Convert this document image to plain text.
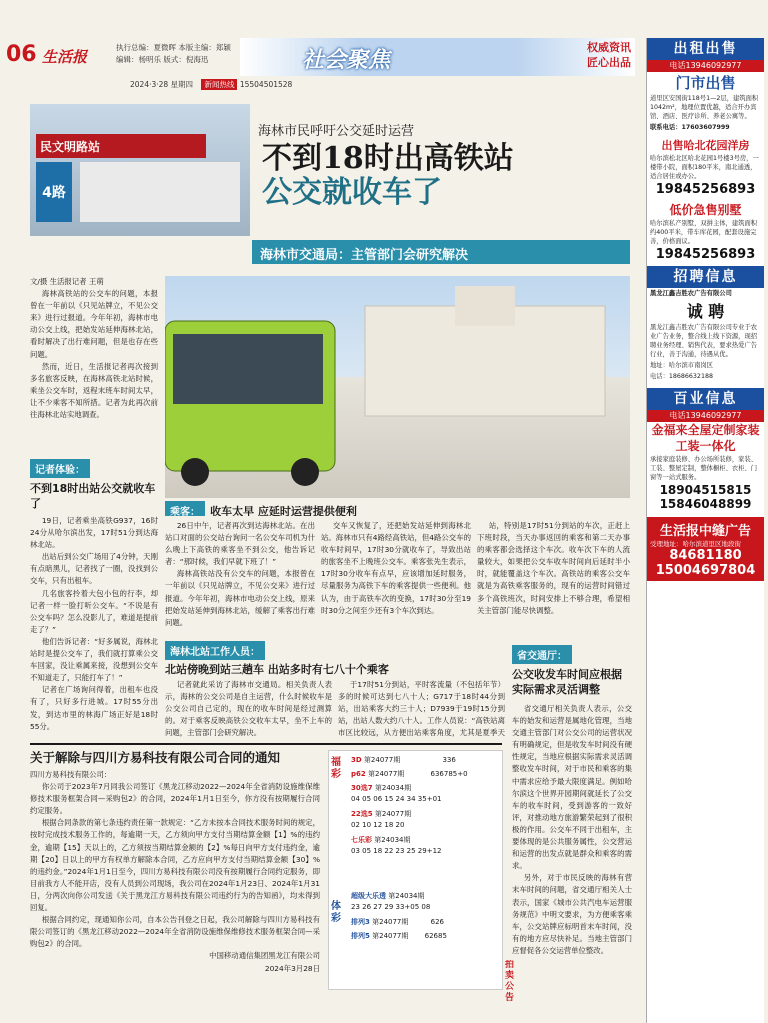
06 生活报
执行总编：夏微晖 本版主编：郑颖
编辑：杨明乐 版式：倪海迅	社会聚焦
权威资讯
匠心出品
2024·3·28 星期四 新闻热线 15504501528
民文明路站
4路
海林市民呼吁公交延时运营
不到18时出高铁站
公交就收车了
海林市交通局：主管部门会研究解决
文/摄 生活报记者 王萌
海林高铁站的公交车的问题，本报曾在一年前以《只见站牌立，不见公交来》进行过报道。今年年初，海林市电动公交上线，把始发站延伸海林北站，看时解决了出行难问题，但是也存在些问题。
然而，近日，生活报记者再次接到多名旅客反映，在海林高铁北站时候，乘坐公交车时，返程末班车时间太早，让不少乘客不知所措。记者为此再次前往海林北站实地调查。
记者体验：
不到18时出站公交就收车了
19日，记者乘坐高铁G937，16时24分从哈尔滨出发，17时51分到达海林北站。
出站后到公交广场用了4分钟，天刚有点暗黑儿，记者找了一圈，没找到公交车，只有出租车。
几名旅客拎着大包小包的行李，却记者一样一脸打听公交车。“不说是有公交车吗？怎么没影儿了，难道是提前走了？”
他们告诉记者：“好多属说，海林北站时是提公交车了，我们就打算乘公交车回家，没让乘属来接，没想到公交车不知道走了，只能打车了！”
记者在广场询问得着，出租车也没有了，只好多行进城。17时55分出发，到达市里的林海广场正好是18时55分。
乘客： 收车太早 应延时运营提供便利
26日中午，记者再次到达海林北站。在出站口对面的公交站台询问一名公交车司机为什么晚上下高铁的乘客坐不到公交，他告诉记者：“那时候，我们早就下班了！”
海林高铁站没有公交车的问题，本报曾在一年前以《只见站牌立，不见公交来》进行过报道。今年年初，海林市电动公交上线，原来把始发站延伸到海林北站，缓解了乘客出行难问题。
交车又恢复了，还把始发站延伸到海林北站。海林市只有4路经高铁站，但4路公交车的收车时间早，17时30分就收车了，导致出站的旅客坐不上晚班公交车。乘客张先生表示，17时30分收车有点早，应该增加延时服务，尽量服务为高铁下车的乘客提供一些便利。他认为，由于高铁车次的变换，17时30分至19时30分之间至少还有3个车次到达。
站，特别是17时51分到站的车次，正赶上下班时段，当天办事返回的乘客和第二天办事的乘客都会选择这个车次。收车次下车的人流量较大，如果把公交车收车时间向后延时半小时，就能覆盖这个车次。高铁站的乘客公交车就是为高铁乘客服务的，现有的运营时间错过多个高铁班次，时间安排上不够合理，希望相关主管部门能尽快调整。
海林北站工作人员：
北站傍晚到站三趟车 出站多时有七八十个乘客
记者就此采访了海林市交通局。相关负责人表示，海林的公交公司是自主运营，什么时候收车是公交公司自己定的，现在的收车时间是经过测算的。对于乘客反映高铁公交收车太早，坐不上车的问题，主管部门会研究解决。
于17时51分到站，平时客流量（不包括年节）多的时候可达到七八十人；G717于18时44分到站，出站乘客大约三十人；D7939于19时15分到站，出站人数大约八十人。工作人员说：“高铁站离市区比较远，从方便出站乘客角度，尤其是夏季天
省交通厅：
公交收发车时间应根据实际需求灵活调整
省交通厅相关负责人表示，公交车的始发和运营是属地化管理，当地交通主管部门对公交公司的运营状况有明确规定，但是收发车时间没有硬性规定，当地应根据实际需求灵活调整收发车时间，对于市民和乘客的集中需求应给予最大限度满足。例如哈尔滨这个世界开园期间就延长了公交车的收车时间，受到游客的一致好评，对推动地方旅游繁荣起到了很积极的作用。公交车不同于出租车，主要体现的是公共服务属性，公交营运和运营的出发点就是群众和乘客的需求。
另外，对于市民反映的海林有营末车时间的问题，省交通厅相关人士表示，国家《城市公共汽电车运营服务规范》中明文要求，为方便乘客乘车，公交站牌应标明首末车时间，没有的地方应尽快补足。当地主管部门应督促各公交运营单位整改。
关于解除与四川方易科技有限公司合同的通知
四川方易科技有限公司：
你公司于2023年7月同我公司签订《黑龙江移动2022—2024年全省消防设施维保维修技术服务框架合同—采购包2》的合同，2024年1月1日至今，你方没有按期履行合同约定服务。
根据合同条款的第七条违约责任第一款规定：“乙方未按本合同技术服务时间的规定，按时完成技术服务工作的，每逾期一天，乙方须向甲方支付当期结算金额【1】%的违约金，逾期【15】天以上的，乙方须按当期结算金额的【2】%每日向甲方支付违约金，逾期【20】日以上的甲方有权单方解除本合同，乙方应向甲方支付当期结算金额【30】%的违约金。”2024年1月1日至今，四川方易科技有限公司没有按期履行合同约定服务，即目前我方人不能开店，没有人员到公司现场，我公司在2024年1月23日、2024年1月31日，分两次向你公司发送《关于黑龙江方易科技有限公司违约行为的告知函》，均未得到回复。
根据合同约定，现通知你公司，自本公告刊登之日起，我公司解除与四川方易科技有限公司签订的《黑龙江移动2022—2024年全省消防设施维保维修技术服务框架合同—采购包2》的合同。
中国移动通信集团黑龙江有限公司
2024年3月28日
福彩
体彩
3D 第24077期	336
p62 第24077期	636785+0
30选7 第24034期
04 05 06 15 24 34 35+01
22选5 第24077期
02 10 12 18 20
七乐彩 第24034期
03 05 18 22 23 25 29+12
超级大乐透 第24034期
23 26 27 29 33+05 08
排列3 第24077期	626
排列5 第24077期 62685
拍卖公告
出租出售
电话13946092977
门市出售
道里区安国街118号1—2层，建筑面积1042m²，地理位置优越，适合开办宾馆、酒店、医疗诊所、养老公寓等。
联系电话：17603607999
出售哈北花园洋房
哈尔滨松北区哈北花园1号楼3号房，一楼带小院，面积180平米，南北通透，适合居住或办公。
19845256893
低价急售别墅
哈尔滨私产别墅，双拼主体，建筑面积约400平米，带车库花园，配套设施完善，价格面议。
19845256893
招聘信息
黑龙江鑫吉胜农广告有限公司
诚 聘
黑龙江鑫吉胜农广告有限公司专业于农业广告业务，整合线上线下资源，现招聘业务经理、销售代表，要求热爱广告行业，善于沟通，待遇从优。
地址：哈尔滨市南岗区
电话：18686632188
百业信息
电话13946092977
金福来全屋定制家装工装一体化
承接家庭装修、办公场所装修，家装、工装、整屋定制，整体橱柜、衣柜、门窗等一站式服务。
18904515815
15846048899
生活报中缝广告
受理地址：哈尔滨道里区地段街
84681180
15004697804
